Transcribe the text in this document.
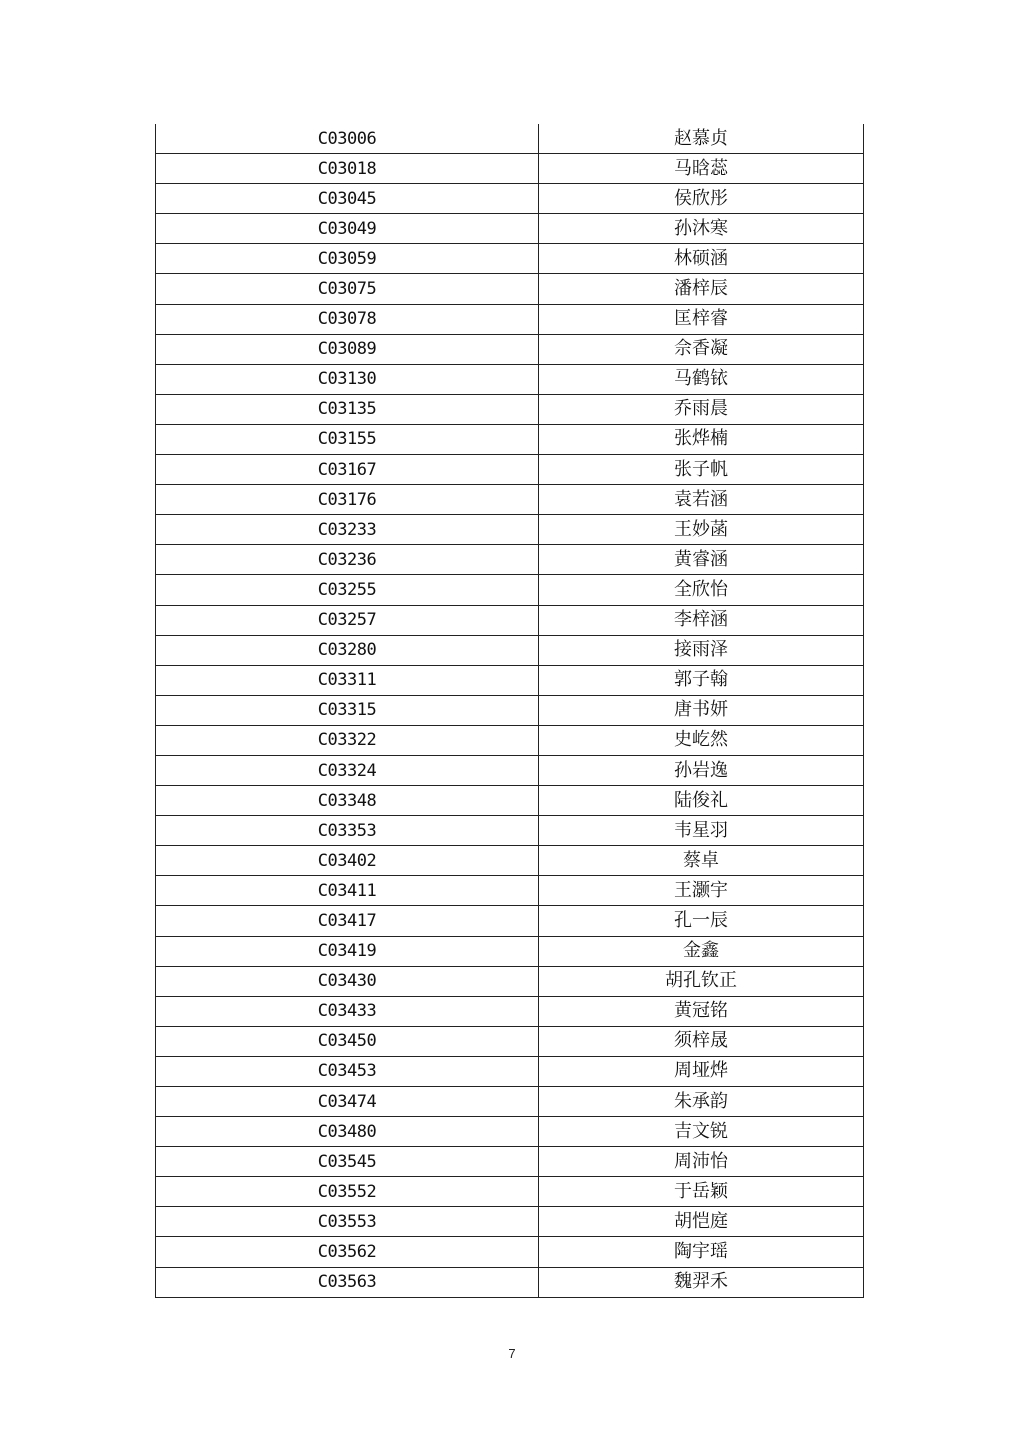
C03006	赵慕贞
C03018	马晗蕊
C03045	侯欣彤
C03049	孙沐寒
C03059	林硕涵
C03075	潘梓辰
C03078	匡梓睿
C03089	佘香凝
C03130	马鹤铱
C03135	乔雨晨
C03155	张烨楠
C03167	张子帆
C03176	袁若涵
C03233	王妙菡
C03236	黄睿涵
C03255	全欣怡
C03257	李梓涵
C03280	接雨泽
C03311	郭子翰
C03315	唐书妍
C03322	史屹然
C03324	孙岩逸
C03348	陆俊礼
C03353	韦星羽
C03402	蔡卓
C03411	王灏宇
C03417	孔一辰
C03419	金鑫
C03430	胡孔钦正
C03433	黄冠铭
C03450	须梓晟
C03453	周垭烨
C03474	朱承韵
C03480	吉文锐
C03545	周沛怡
C03552	于岳颖
C03553	胡恺庭
C03562	陶宇瑶
C03563	魏羿禾
7
